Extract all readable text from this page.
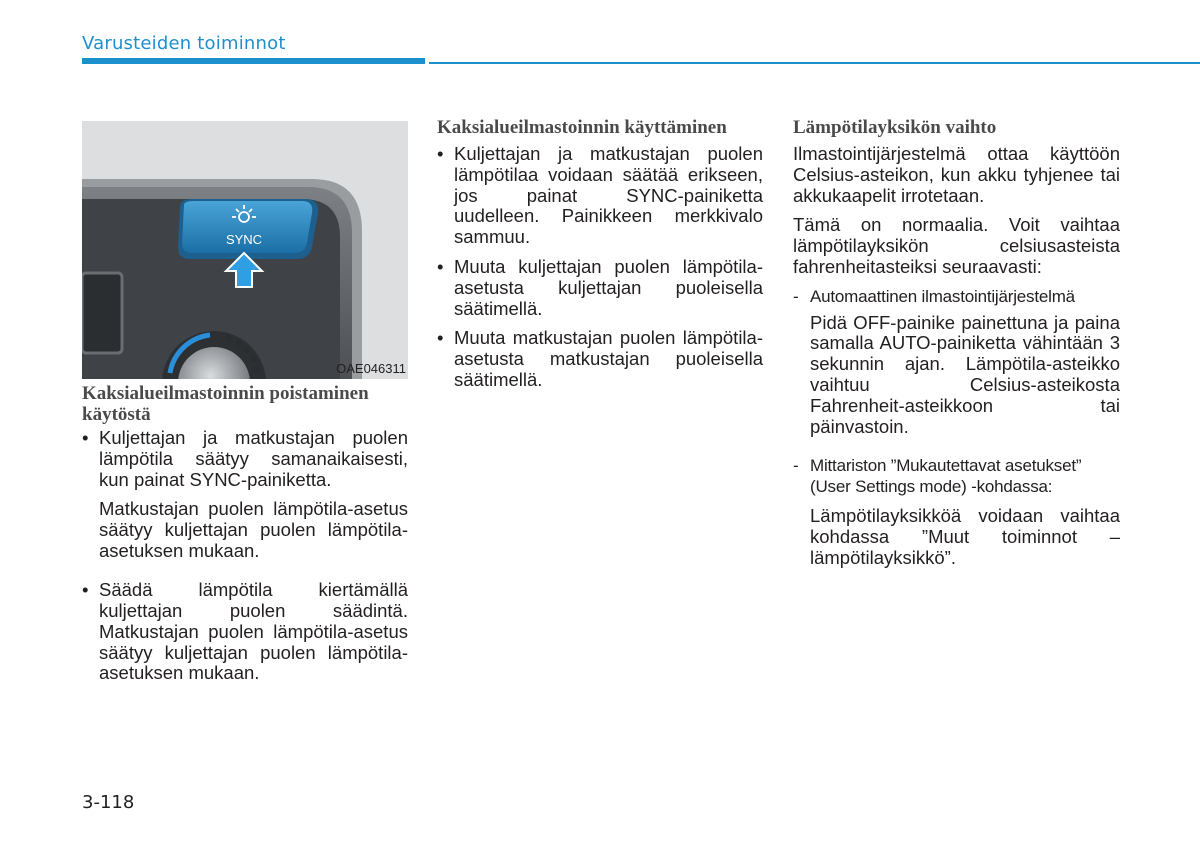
Varusteiden toiminnot
SYNC
OAE046311

Kaksialueilmastoinnin poistaminen käytöstä

• Kuljettajan ja matkustajan puolen lämpötila säätyy samanaikaisesti, kun painat SYNC-painiketta.

Matkustajan puolen lämpötila-asetus säätyy kuljettajan puolen lämpötila-asetuksen mukaan.

• Säädä lämpötila kiertämällä kuljettajan puolen säädintä. Matkustajan puolen lämpötila-asetus säätyy kuljettajan puolen lämpötila-asetuksen mukaan.

Kaksialueilmastoinnin käyttäminen

• Kuljettajan ja matkustajan puolen lämpötilaa voidaan säätää erikseen, jos painat SYNC-painiketta uudelleen. Painikkeen merkkivalo sammuu.
• Muuta kuljettajan puolen lämpötila-asetusta kuljettajan puoleisella säätimellä.
• Muuta matkustajan puolen lämpötila-asetusta matkustajan puoleisella säätimellä.

Lämpötilayksikön vaihto

Ilmastointijärjestelmä ottaa käyttöön Celsius-asteikon, kun akku tyhjenee tai akkukaapelit irrotetaan.

Tämä on normaalia. Voit vaihtaa lämpötilayksikön celsiusasteista fahrenheitasteiksi seuraavasti:

- Automaattinen ilmastointijärjestelmä

Pidä OFF-painike painettuna ja paina samalla AUTO-painiketta vähintään 3 sekunnin ajan. Lämpötila-asteikko vaihtuu Celsius-asteikosta Fahrenheit-asteikkoon tai päinvastoin.

- Mittariston ”Mukautettavat asetukset” (User Settings mode) -kohdassa:

Lämpötilayksikköä voidaan vaihtaa kohdassa ”Muut toiminnot – lämpötilayksikkö”.

3-118
